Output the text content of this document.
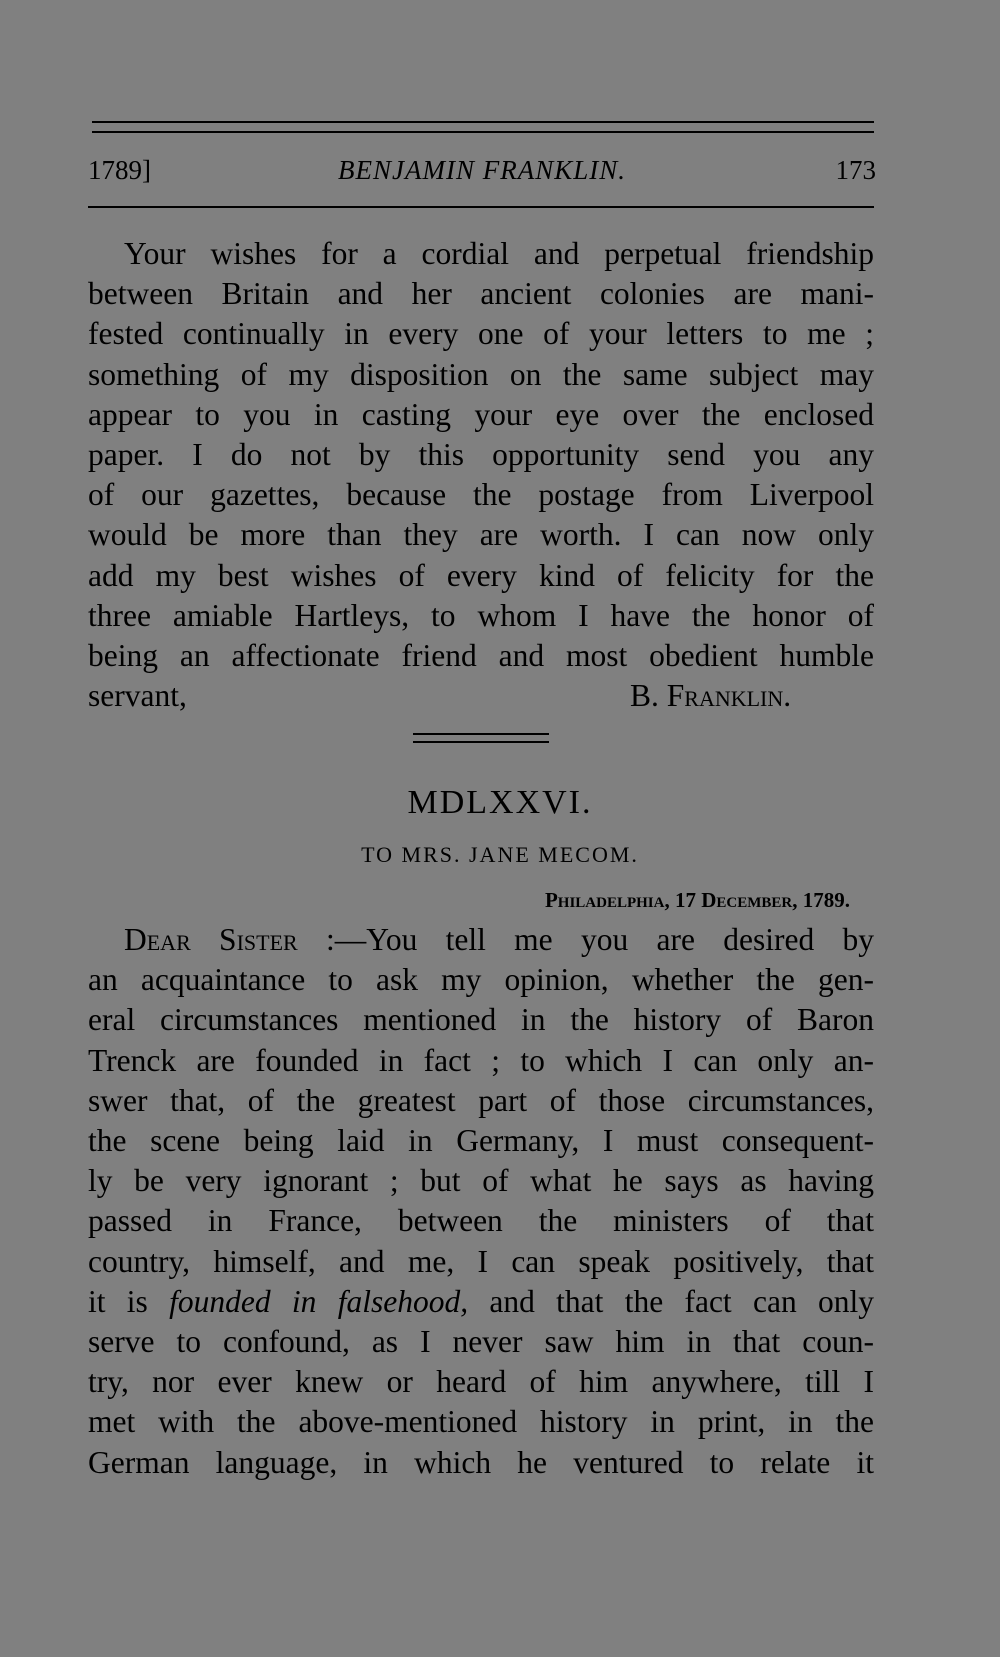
1789]	BENJAMIN FRANKLIN.	173
Your wishes for a cordial and perpetual friendship
between Britain and her ancient colonies are mani-
fested continually in every one of your letters to me ;
something of my disposition on the same subject may
appear to you in casting your eye over the enclosed
paper. I do not by this opportunity send you any
of our gazettes, because the postage from Liverpool
would be more than they are worth. I can now only
add my best wishes of every kind of felicity for the
three amiable Hartleys, to whom I have the honor of
being an affectionate friend and most obedient humble
servant,	B. Franklin.
MDLXXVI.
TO MRS. JANE MECOM.
Philadelphia, 17 December, 1789.
Dear Sister :—You tell me you are desired by
an acquaintance to ask my opinion, whether the gen-
eral circumstances mentioned in the history of Baron
Trenck are founded in fact ; to which I can only an-
swer that, of the greatest part of those circumstances,
the scene being laid in Germany, I must consequent-
ly be very ignorant ; but of what he says as having
passed in France, between the ministers of that
country, himself, and me, I can speak positively, that
it is founded in falsehood, and that the fact can only
serve to confound, as I never saw him in that coun-
try, nor ever knew or heard of him anywhere, till I
met with the above-mentioned history in print, in the
German language, in which he ventured to relate it
